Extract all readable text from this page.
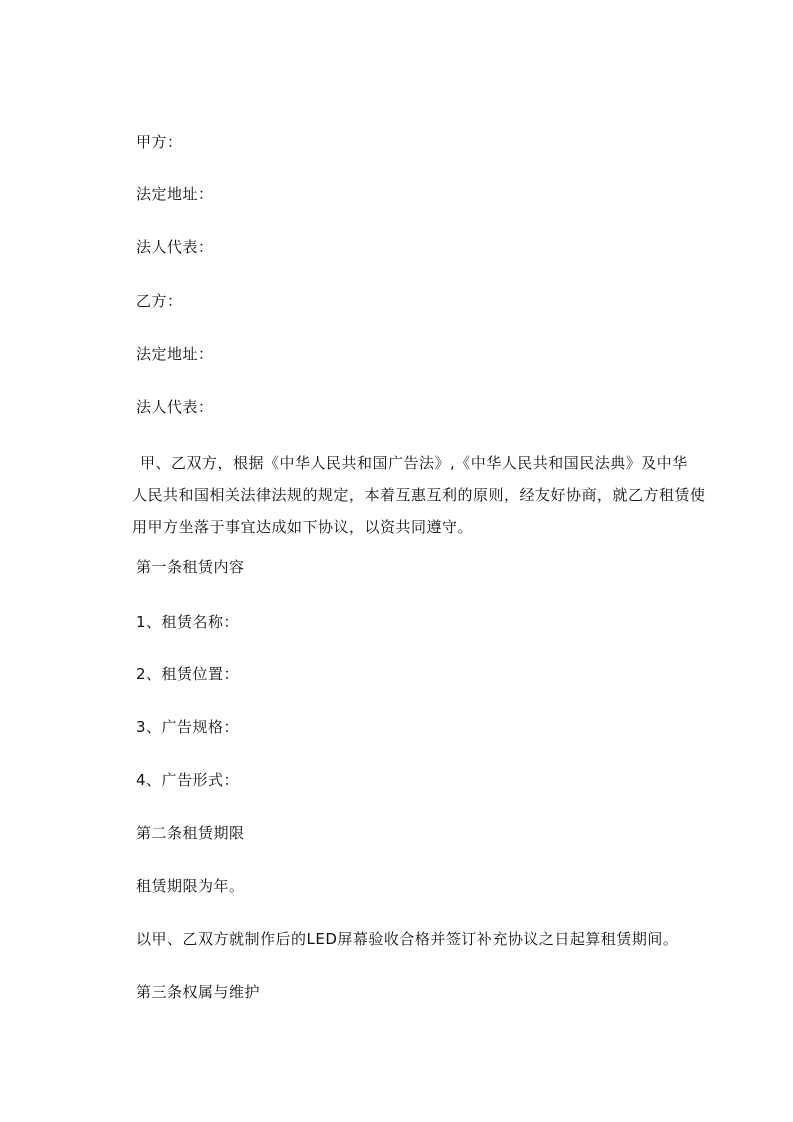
甲方：
法定地址：
法人代表：
乙方：
法定地址：
法人代表：
甲、乙双方，根据《中华人民共和国广告法》,《中华人民共和国民法典》及中华
人民共和国相关法律法规的规定，本着互惠互利的原则，经友好协商，就乙方租赁使
用甲方坐落于事宜达成如下协议，以资共同遵守。
第一条租赁内容
1、租赁名称：
2、租赁位置：
3、广告规格：
4、广告形式：
第二条租赁期限
租赁期限为年。
以甲、乙双方就制作后的LED屏幕验收合格并签订补充协议之日起算租赁期间。
第三条权属与维护
